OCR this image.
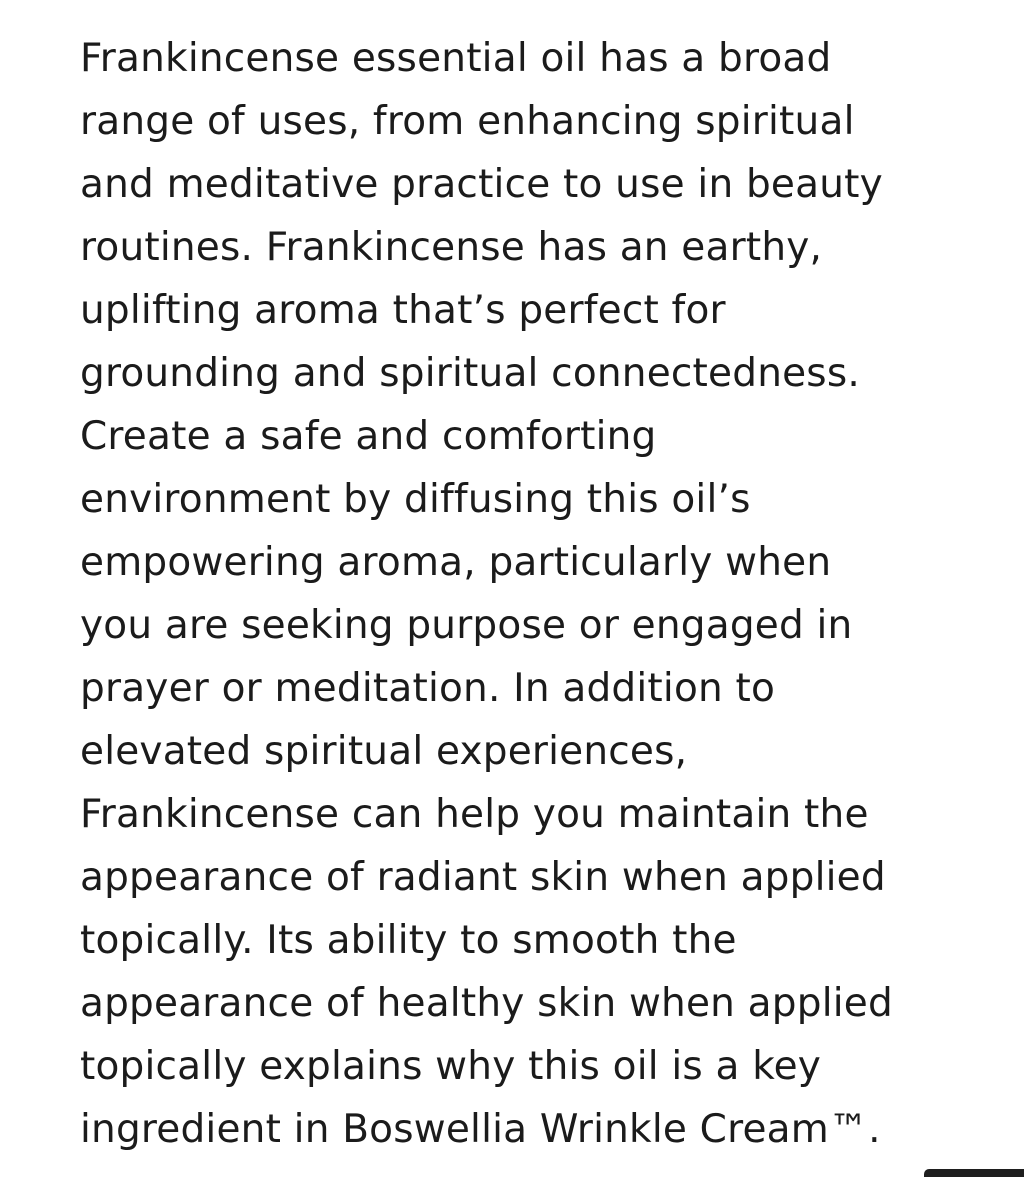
Frankincense essential oil has a broad
range of uses, from enhancing spiritual
and meditative practice to use in beauty
routines. Frankincense has an earthy,
uplifting aroma that’s perfect for
grounding and spiritual connectedness.
Create a safe and comforting
environment by diffusing this oil’s
empowering aroma, particularly when
you are seeking purpose or engaged in
prayer or meditation. In addition to
elevated spiritual experiences,
Frankincense can help you maintain the
appearance of radiant skin when applied
topically. Its ability to smooth the
appearance of healthy skin when applied
topically explains why this oil is a key
ingredient in Boswellia Wrinkle Cream™.
